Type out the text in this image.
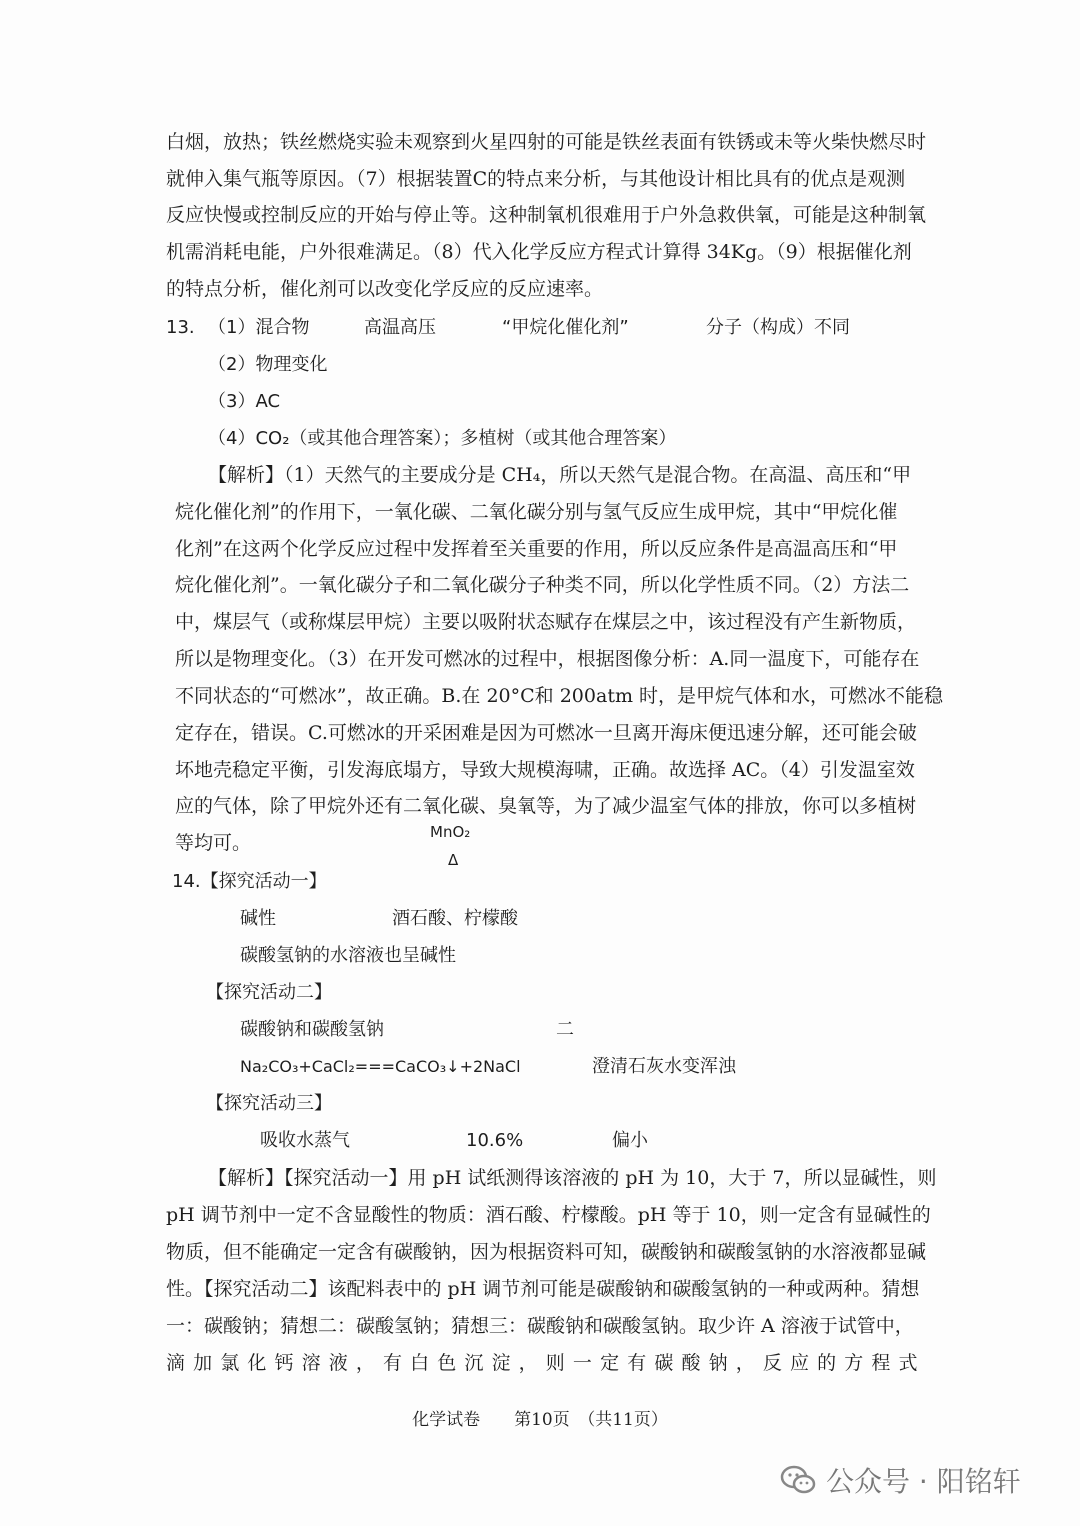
白烟，放热；铁丝燃烧实验未观察到火星四射的可能是铁丝表面有铁锈或未等火柴快燃尽时
就伸入集气瓶等原因。（7）根据装置C的特点来分析，与其他设计相比具有的优点是观测
反应快慢或控制反应的开始与停止等。这种制氧机很难用于户外急救供氧，可能是这种制氧
机需消耗电能，户外很难满足。（8）代入化学反应方程式计算得 34Kg。（9）根据催化剂
的特点分析，催化剂可以改变化学反应的反应速率。
13. （1）混合物	高温高压	“甲烷化催化剂”	分子（构成）不同
（2）物理变化
（3）AC
（4）CO₂（或其他合理答案）；多植树（或其他合理答案）
【解析】（1）天然气的主要成分是 CH₄，所以天然气是混合物。在高温、高压和“甲
烷化催化剂”的作用下，一氧化碳、二氧化碳分别与氢气反应生成甲烷，其中“甲烷化催
化剂”在这两个化学反应过程中发挥着至关重要的作用，所以反应条件是高温高压和“甲
烷化催化剂”。一氧化碳分子和二氧化碳分子种类不同，所以化学性质不同。（2）方法二
中，煤层气（或称煤层甲烷）主要以吸附状态赋存在煤层之中，该过程没有产生新物质，
所以是物理变化。（3）在开发可燃冰的过程中，根据图像分析：A.同一温度下，可能存在
不同状态的“可燃冰”，故正确。B.在 20°C和 200atm 时，是甲烷气体和水，可燃冰不能稳
定存在，错误。C.可燃冰的开采困难是因为可燃冰一旦离开海床便迅速分解，还可能会破
坏地壳稳定平衡，引发海底塌方，导致大规模海啸，正确。故选择 AC。（4）引发温室效
应的气体，除了甲烷外还有二氧化碳、臭氧等，为了减少温室气体的排放，你可以多植树
等均可。	MnO₂
Δ
14.【探究活动一】
碱性	酒石酸、柠檬酸
碳酸氢钠的水溶液也呈碱性
【探究活动二】
碳酸钠和碳酸氢钠	二
Na₂CO₃+CaCl₂===CaCO₃↓+2NaCl	澄清石灰水变浑浊
【探究活动三】
吸收水蒸气	10.6%	偏小
【解析】【探究活动一】用 pH 试纸测得该溶液的 pH 为 10，大于 7，所以显碱性，则
pH 调节剂中一定不含显酸性的物质：酒石酸、柠檬酸。pH 等于 10，则一定含有显碱性的
物质，但不能确定一定含有碳酸钠，因为根据资料可知，碳酸钠和碳酸氢钠的水溶液都显碱
性。【探究活动二】该配料表中的 pH 调节剂可能是碳酸钠和碳酸氢钠的一种或两种。猜想
一：碳酸钠；猜想二：碳酸氢钠；猜想三：碳酸钠和碳酸氢钠。取少许 A 溶液于试管中，
滴加氯化钙溶液，有白色沉淀，则一定有碳酸钠，反应的方程式
化学试卷　　第10页　（共11页）
公众号 · 阳铭轩
